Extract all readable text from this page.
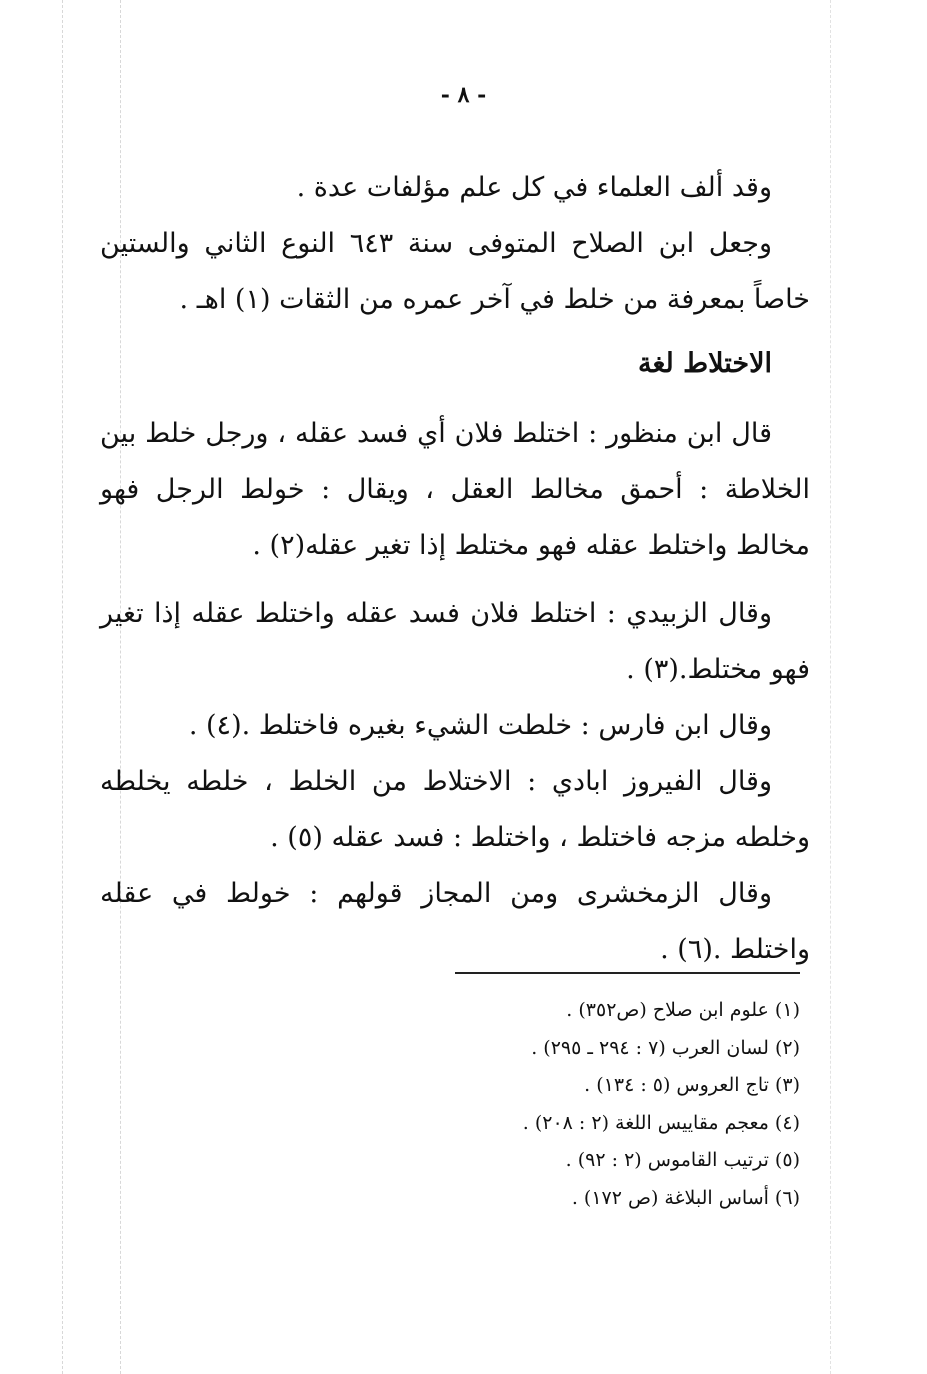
- ٨ -

وقد ألف العلماء في كل علم مؤلفات عدة .

وجعل ابن الصلاح المتوفى سنة ٦٤٣ النوع الثاني والستين خاصاً بمعرفة من خلط في آخر عمره من الثقات (١) اهـ .

الاختلاط لغة

قال ابن منظور : اختلط فلان أي فسد عقله ، ورجل خلط بين الخلاطة : أحمق مخالط العقل ، ويقال : خولط الرجل فهو مخالط واختلط عقله فهو مختلط إذا تغير عقله(٢) .

وقال الزبيدي : اختلط فلان فسد عقله واختلط عقله إذا تغير فهو مختلط.(٣) .

وقال ابن فارس : خلطت الشيء بغيره فاختلط .(٤) .

وقال الفيروز ابادي : الاختلاط من الخلط ، خلطه يخلطه وخلطه مزجه فاختلط ، واختلط : فسد عقله (٥) .

وقال الزمخشرى ومن المجاز قولهم : خولط في عقله واختلط .(٦) .

(١) علوم ابن صلاح (ص٣٥٢) .
(٢) لسان العرب (٧ : ٢٩٤ ـ ٢٩٥) .
(٣) تاج العروس (٥ : ١٣٤) .
(٤) معجم مقاييس اللغة (٢ : ٢٠٨) .
(٥) ترتيب القاموس (٢ : ٩٢) .
(٦) أساس البلاغة (ص ١٧٢) .
